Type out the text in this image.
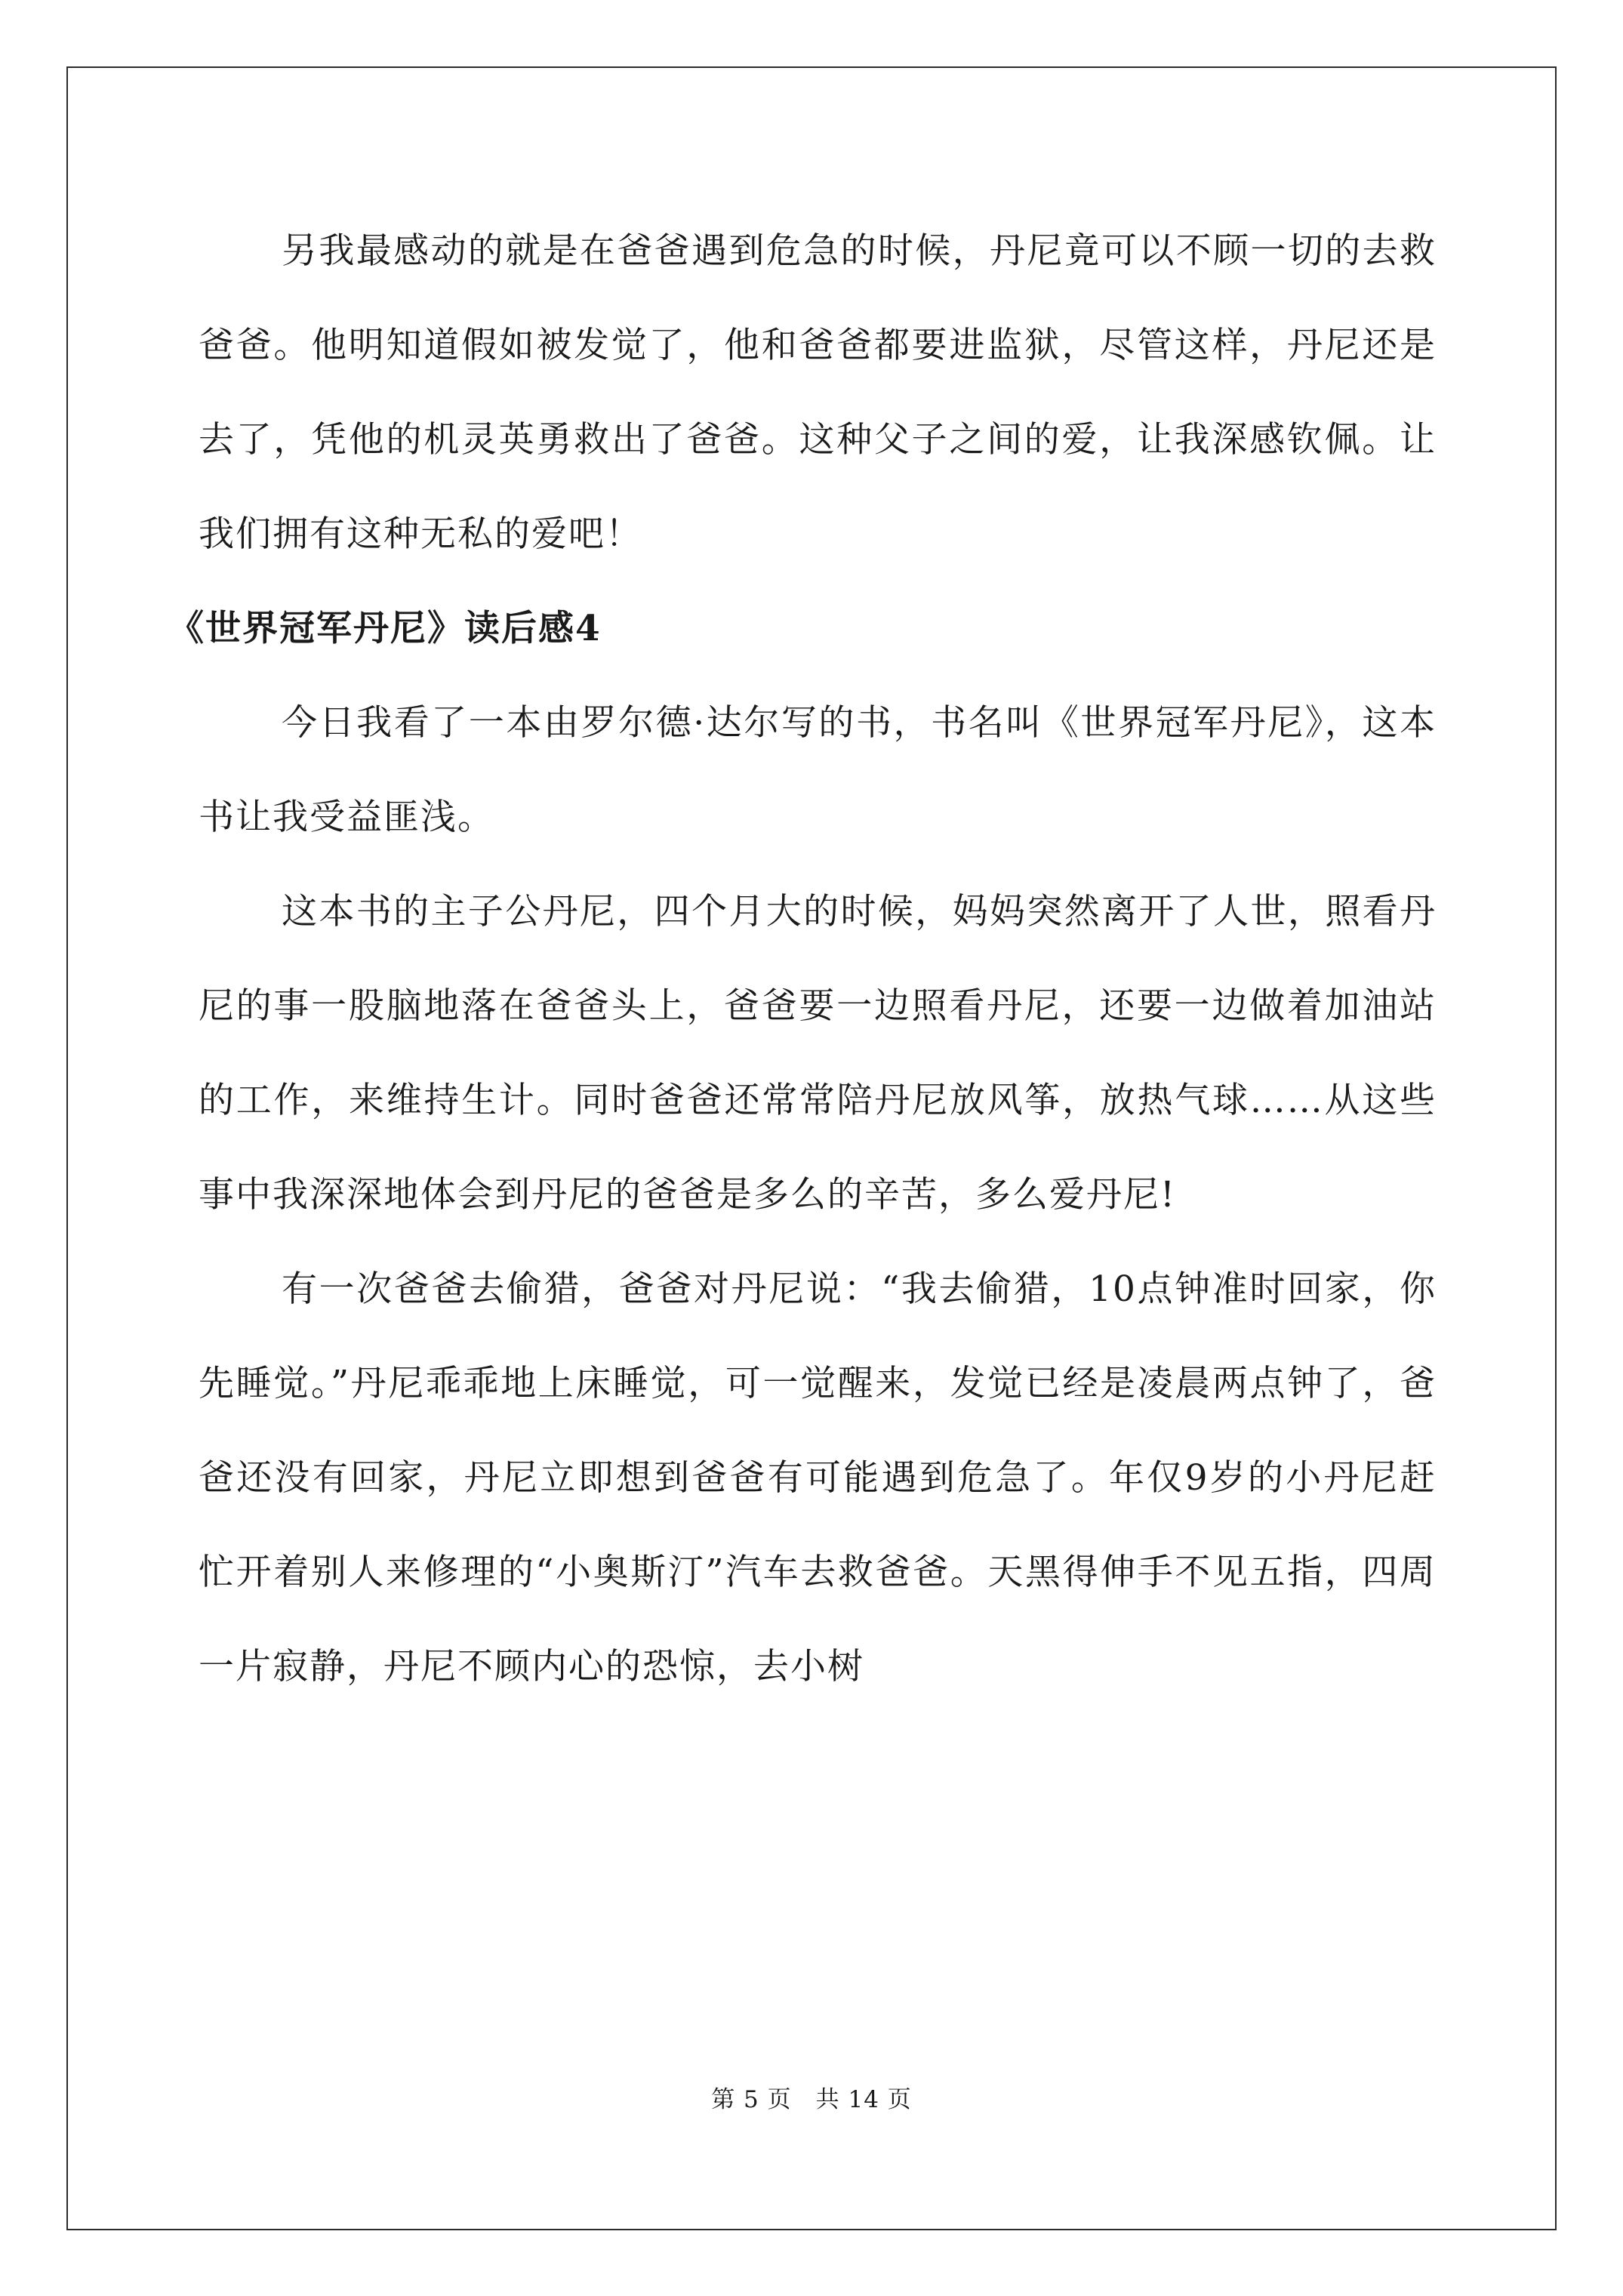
另我最感动的就是在爸爸遇到危急的时候，丹尼竟可以不顾一切的去救爸爸。他明知道假如被发觉了，他和爸爸都要进监狱，尽管这样，丹尼还是去了，凭他的机灵英勇救出了爸爸。这种父子之间的爱，让我深感钦佩。让我们拥有这种无私的爱吧！

《世界冠军丹尼》读后感4

今日我看了一本由罗尔德·达尔写的书，书名叫《世界冠军丹尼》，这本书让我受益匪浅。

这本书的主子公丹尼，四个月大的时候，妈妈突然离开了人世，照看丹尼的事一股脑地落在爸爸头上，爸爸要一边照看丹尼，还要一边做着加油站的工作，来维持生计。同时爸爸还常常陪丹尼放风筝，放热气球……从这些事中我深深地体会到丹尼的爸爸是多么的辛苦，多么爱丹尼!

有一次爸爸去偷猎，爸爸对丹尼说：“我去偷猎，10点钟准时回家，你先睡觉。”丹尼乖乖地上床睡觉，可一觉醒来，发觉已经是凌晨两点钟了，爸爸还没有回家，丹尼立即想到爸爸有可能遇到危急了。年仅9岁的小丹尼赶忙开着别人来修理的“小奥斯汀”汽车去救爸爸。天黑得伸手不见五指，四周一片寂静，丹尼不顾内心的恐惊，去小树

第 5 页　共 14 页
